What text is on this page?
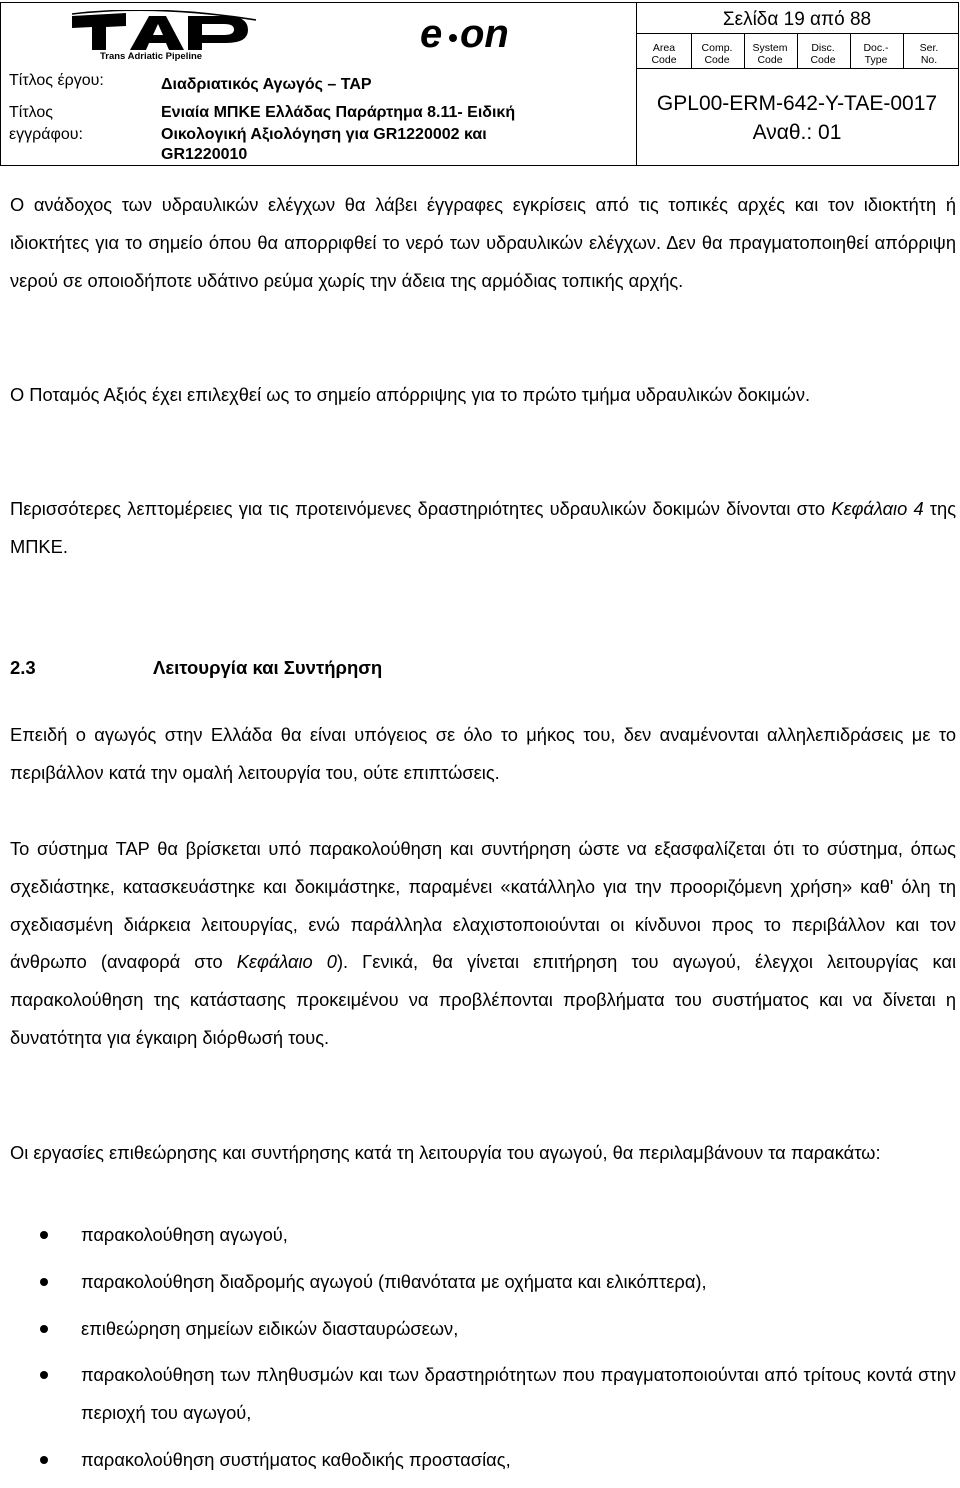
Trans Adriatic Pipeline
e on
Τίτλος έργου:	Διαδριατικός Αγωγός – TAP
Τίτλος
εγγράφου:
Ενιαία ΜΠΚΕ Ελλάδας Παράρτημα 8.11- Ειδική
Οικολογική Αξιολόγηση για GR1220002 και
GR1220010
Σελίδα 19 από 88
Area
Code
Comp.
Code
System
Code
Disc.
Code
Doc.-
Type
Ser.
No.
GPL00-ERM-642-Y-TAE-0017
Αναθ.: 01

Ο ανάδοχος των υδραυλικών ελέγχων θα λάβει έγγραφες εγκρίσεις από τις τοπικές αρχές και τον ιδιοκτήτη ή ιδιοκτήτες για το σημείο όπου θα απορριφθεί το νερό των υδραυλικών ελέγχων. Δεν θα πραγματοποιηθεί απόρριψη νερού σε οποιοδήποτε υδάτινο ρεύμα χωρίς την άδεια της αρμόδιας τοπικής αρχής.

Ο Ποταμός Αξιός έχει επιλεχθεί ως το σημείο απόρριψης για το πρώτο τμήμα υδραυλικών δοκιμών.

Περισσότερες λεπτομέρειες για τις προτεινόμενες δραστηριότητες υδραυλικών δοκιμών δίνονται στο Κεφάλαιο 4 της ΜΠΚΕ.

2.3	Λειτουργία και Συντήρηση

Επειδή ο αγωγός στην Ελλάδα θα είναι υπόγειος σε όλο το μήκος του, δεν αναμένονται αλληλεπιδράσεις με το περιβάλλον κατά την ομαλή λειτουργία του, ούτε επιπτώσεις.

Το σύστημα TAP θα βρίσκεται υπό παρακολούθηση και συντήρηση ώστε να εξασφαλίζεται ότι το σύστημα, όπως σχεδιάστηκε, κατασκευάστηκε και δοκιμάστηκε, παραμένει «κατάλληλο για την προοριζόμενη χρήση» καθ' όλη τη σχεδιασμένη διάρκεια λειτουργίας, ενώ παράλληλα ελαχιστοποιούνται οι κίνδυνοι προς το περιβάλλον και τον άνθρωπο (αναφορά στο Κεφάλαιο 0). Γενικά, θα γίνεται επιτήρηση του αγωγού, έλεγχοι λειτουργίας και παρακολούθηση της κατάστασης προκειμένου να προβλέπονται προβλήματα του συστήματος και να δίνεται η δυνατότητα για έγκαιρη διόρθωσή τους.

Οι εργασίες επιθεώρησης και συντήρησης κατά τη λειτουργία του αγωγού, θα περιλαμβάνουν τα παρακάτω:

παρακολούθηση αγωγού,
παρακολούθηση διαδρομής αγωγού (πιθανότατα με οχήματα και ελικόπτερα),
επιθεώρηση σημείων ειδικών διασταυρώσεων,
παρακολούθηση των πληθυσμών και των δραστηριότητων που πραγματοποιούνται από τρίτους κοντά στην περιοχή του αγωγού,
παρακολούθηση συστήματος καθοδικής προστασίας,
